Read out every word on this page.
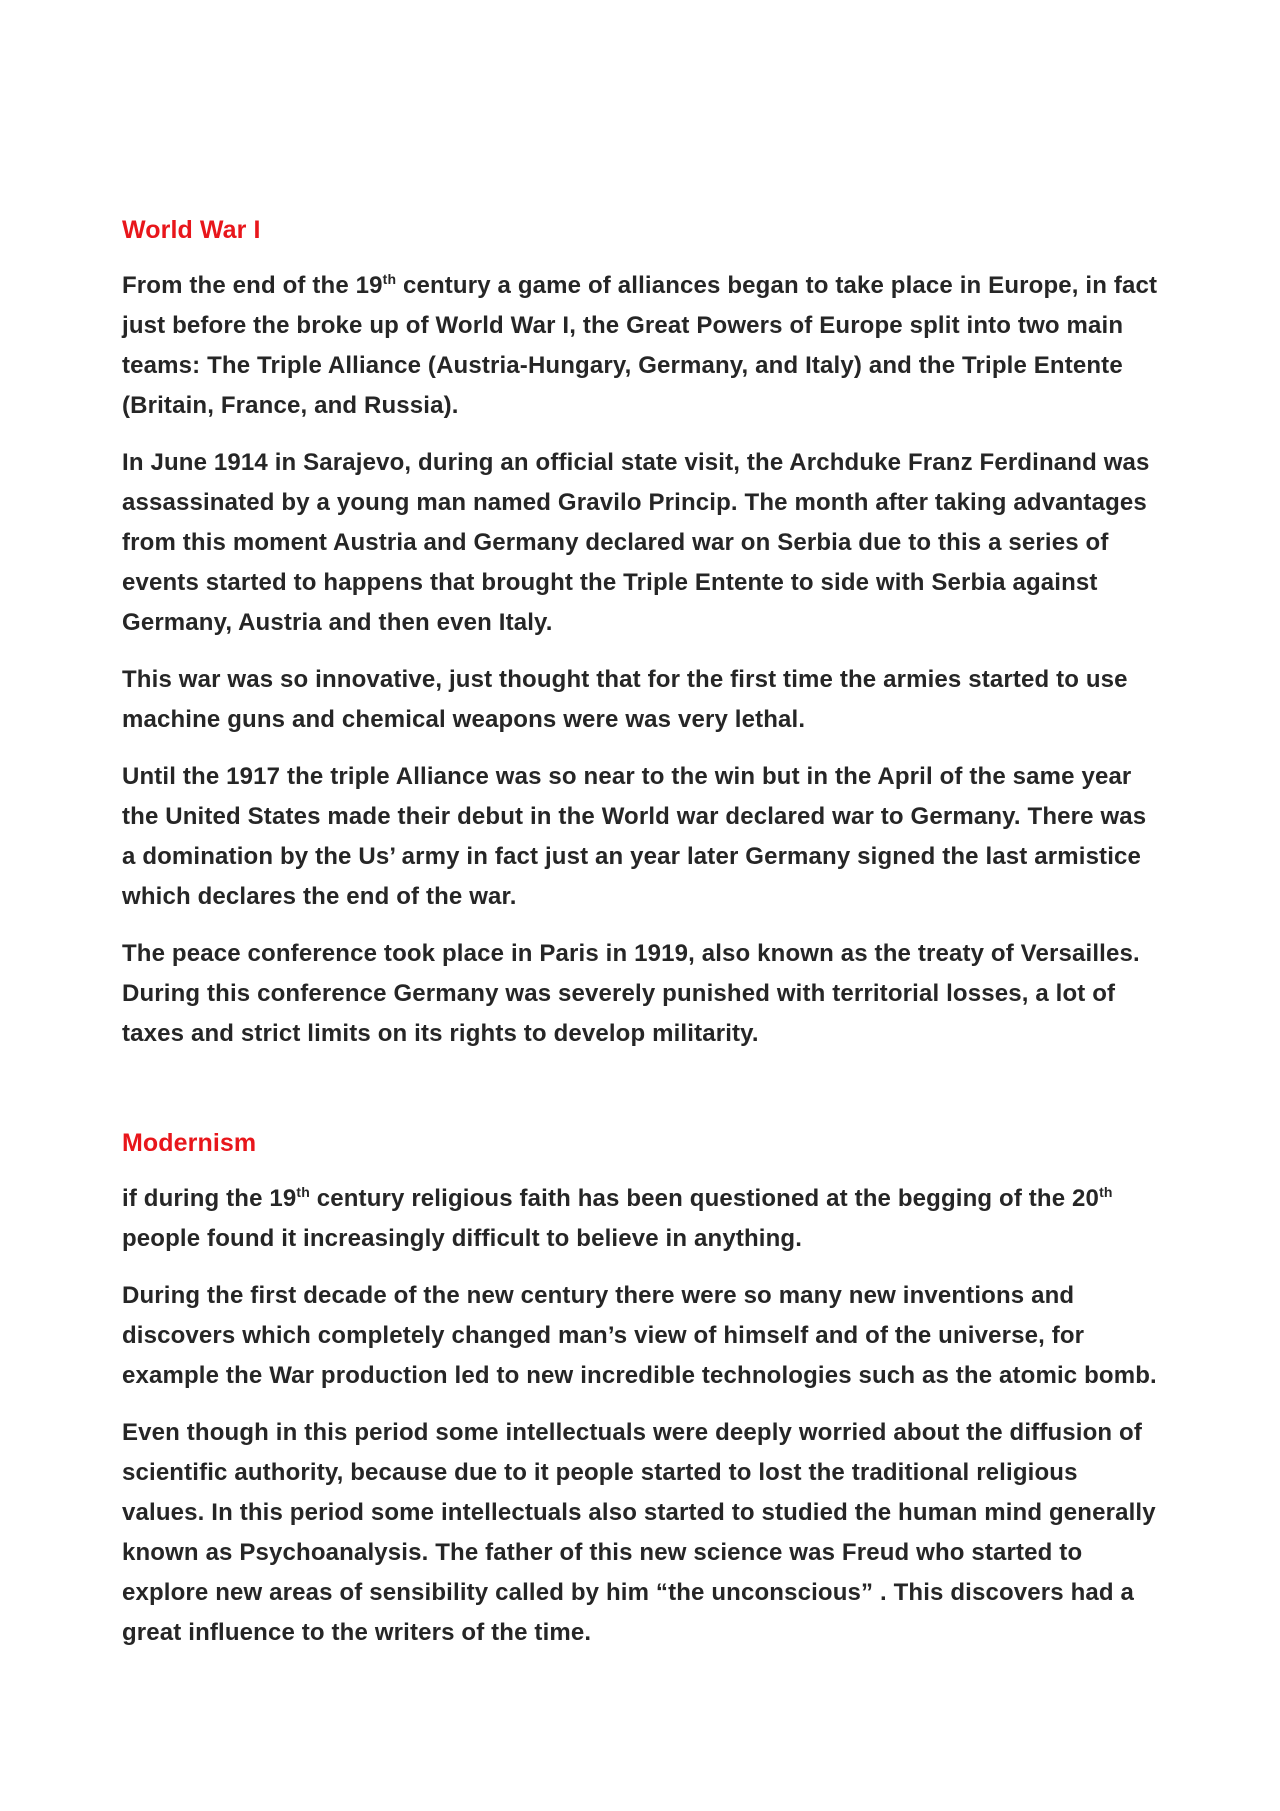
World War I

From the end of the 19th century a game of alliances began to take place in Europe, in fact just before the broke up of World War I, the Great Powers of Europe split into two main teams: The Triple Alliance (Austria-Hungary, Germany, and Italy) and the Triple Entente (Britain, France, and Russia).

In June 1914 in Sarajevo, during an official state visit, the Archduke Franz Ferdinand was assassinated by a young man named Gravilo Princip. The month after taking advantages from this moment Austria and Germany declared war on Serbia due to this a series of events started to happens that brought the Triple Entente to side with Serbia against Germany, Austria and then even Italy.

This war was so innovative, just thought that for the first time the armies started to use machine guns and chemical weapons were was very lethal.

Until the 1917 the triple Alliance was so near to the win but in the April of the same year the United States made their debut in the World war declared war to Germany. There was a domination by the Us’ army in fact just an year later Germany signed the last armistice which declares the end of the war.

The peace conference took place in Paris in 1919, also known as the treaty of Versailles. During this conference Germany was severely punished with territorial losses, a lot of taxes and strict limits on its rights to develop militarity.

Modernism

if during the 19th century religious faith has been questioned at the begging of the 20th people found it increasingly difficult to believe in anything.

During the first decade of the new century there were so many new inventions and discovers which completely changed man’s view of himself and of the universe, for example the War production led to new incredible technologies such as the atomic bomb.

Even though in this period some intellectuals were deeply worried about the diffusion of scientific authority, because due to it people started to lost the traditional religious values. In this period some intellectuals also started to studied the human mind generally known as Psychoanalysis. The father of this new science was Freud who started to explore new areas of sensibility called by him “the unconscious” . This discovers had a great influence to the writers of the time.
